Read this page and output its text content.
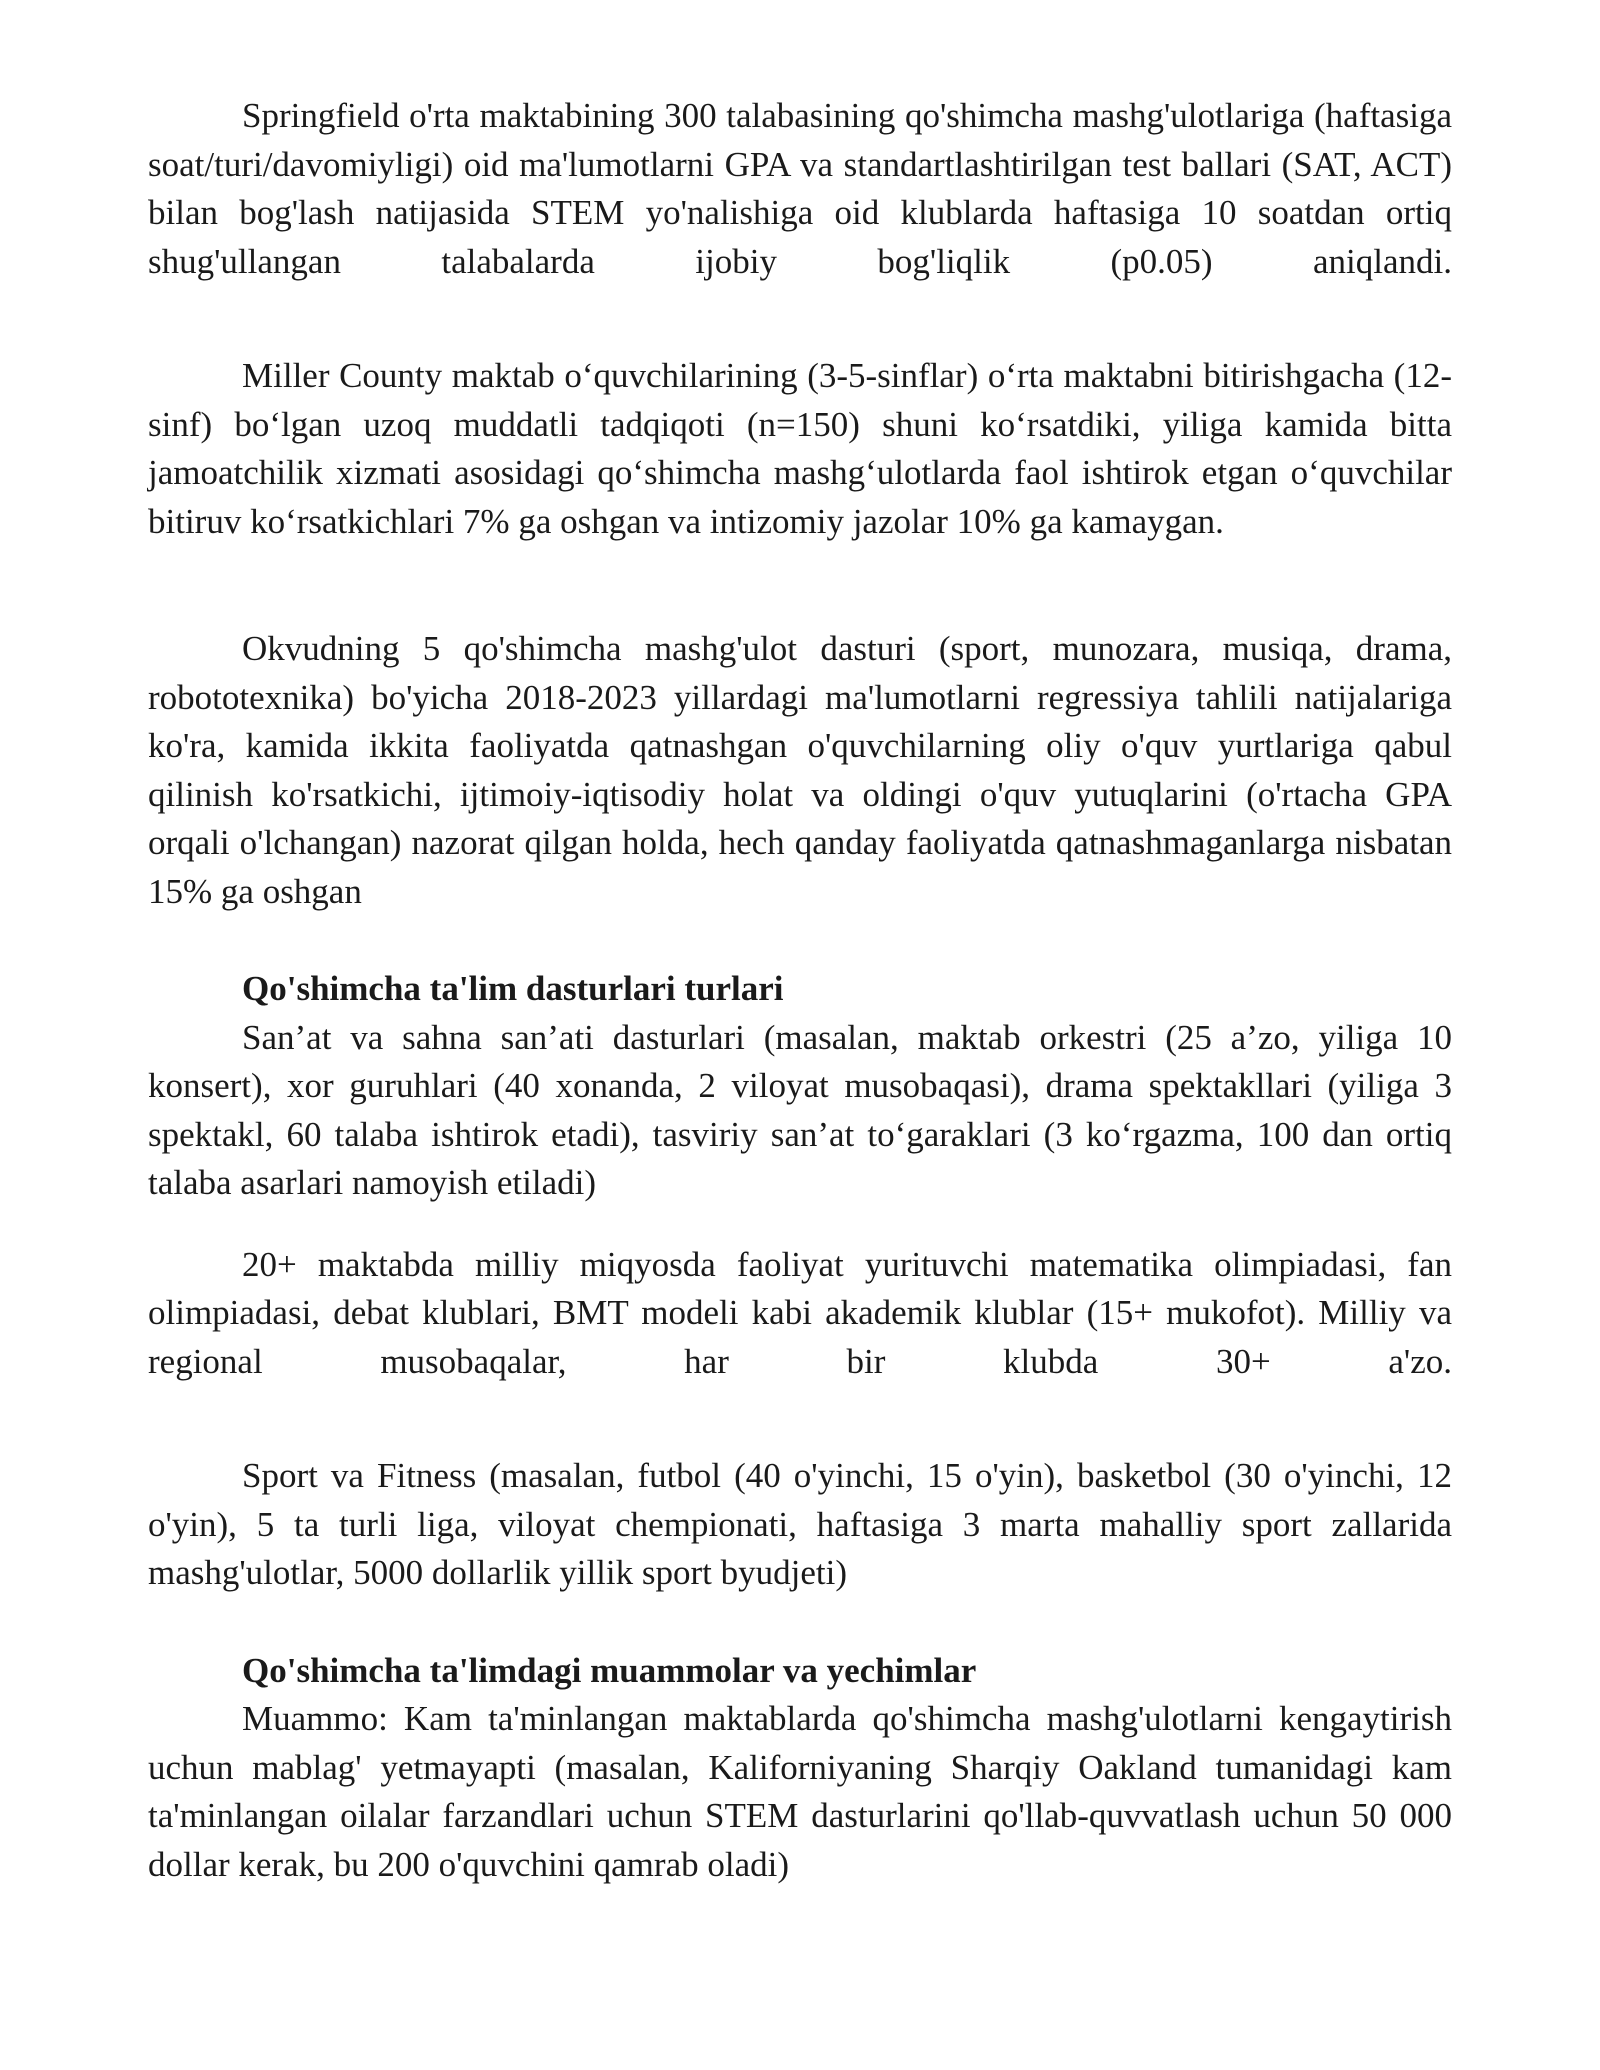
Springfield o'rta maktabining 300 talabasining qo'shimcha mashg'ulotlariga (haftasiga soat/turi/davomiyligi) oid ma'lumotlarni GPA va standartlashtirilgan test ballari (SAT, ACT) bilan bog'lash natijasida STEM yo'nalishiga oid klublarda haftasiga 10 soatdan ortiq shug'ullangan talabalarda ijobiy bog'liqlik (p0.05) aniqlandi.

Miller County maktab o‘quvchilarining (3-5-sinflar) o‘rta maktabni bitirishgacha (12-sinf) bo‘lgan uzoq muddatli tadqiqoti (n=150) shuni ko‘rsatdiki, yiliga kamida bitta jamoatchilik xizmati asosidagi qo‘shimcha mashg‘ulotlarda faol ishtirok etgan o‘quvchilar bitiruv ko‘rsatkichlari 7% ga oshgan va intizomiy jazolar 10% ga kamaygan.

Okvudning 5 qo'shimcha mashg'ulot dasturi (sport, munozara, musiqa, drama, robototexnika) bo'yicha 2018-2023 yillardagi ma'lumotlarni regressiya tahlili natijalariga ko'ra, kamida ikkita faoliyatda qatnashgan o'quvchilarning oliy o'quv yurtlariga qabul qilinish ko'rsatkichi, ijtimoiy-iqtisodiy holat va oldingi o'quv yutuqlarini (o'rtacha GPA orqali o'lchangan) nazorat qilgan holda, hech qanday faoliyatda qatnashmaganlarga nisbatan 15% ga oshgan

Qo'shimcha ta'lim dasturlari turlari

San’at va sahna san’ati dasturlari (masalan, maktab orkestri (25 a’zo, yiliga 10 konsert), xor guruhlari (40 xonanda, 2 viloyat musobaqasi), drama spektakllari (yiliga 3 spektakl, 60 talaba ishtirok etadi), tasviriy san’at to‘garaklari (3 ko‘rgazma, 100 dan ortiq talaba asarlari namoyish etiladi)

20+ maktabda milliy miqyosda faoliyat yurituvchi matematika olimpiadasi, fan olimpiadasi, debat klublari, BMT modeli kabi akademik klublar (15+ mukofot). Milliy va regional musobaqalar, har bir klubda 30+ a'zo.

Sport va Fitness (masalan, futbol (40 o'yinchi, 15 o'yin), basketbol (30 o'yinchi, 12 o'yin), 5 ta turli liga, viloyat chempionati, haftasiga 3 marta mahalliy sport zallarida mashg'ulotlar, 5000 dollarlik yillik sport byudjeti)

Qo'shimcha ta'limdagi muammolar va yechimlar

Muammo: Kam ta'minlangan maktablarda qo'shimcha mashg'ulotlarni kengaytirish uchun mablag' yetmayapti (masalan, Kaliforniyaning Sharqiy Oakland tumanidagi kam ta'minlangan oilalar farzandlari uchun STEM dasturlarini qo'llab-quvvatlash uchun 50 000 dollar kerak, bu 200 o'quvchini qamrab oladi)
